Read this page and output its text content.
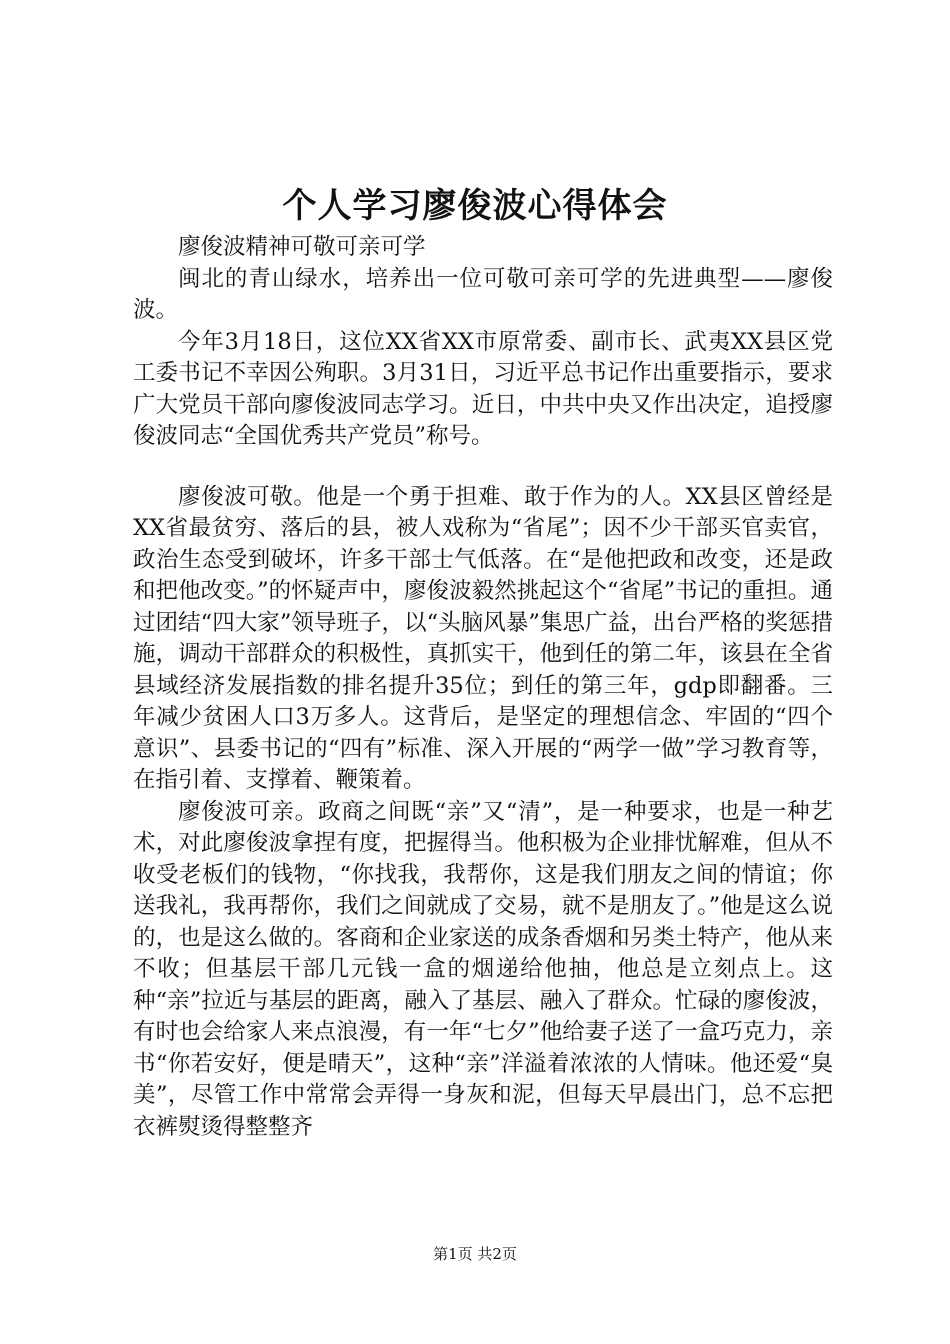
个人学习廖俊波心得体会

廖俊波精神可敬可亲可学

闽北的青山绿水，培养出一位可敬可亲可学的先进典型——廖俊波。

今年3月18日，这位XX省XX市原常委、副市长、武夷XX县区党工委书记不幸因公殉职。3月31日，习近平总书记作出重要指示，要求广大党员干部向廖俊波同志学习。近日，中共中央又作出决定，追授廖俊波同志“全国优秀共产党员”称号。

廖俊波可敬。他是一个勇于担难、敢于作为的人。XX县区曾经是XX省最贫穷、落后的县，被人戏称为“省尾”；因不少干部买官卖官，政治生态受到破坏，许多干部士气低落。在“是他把政和改变，还是政和把他改变。”的怀疑声中，廖俊波毅然挑起这个“省尾”书记的重担。通过团结“四大家”领导班子，以“头脑风暴”集思广益，出台严格的奖惩措施，调动干部群众的积极性，真抓实干，他到任的第二年，该县在全省县域经济发展指数的排名提升35位；到任的第三年，gdp即翻番。三年减少贫困人口3万多人。这背后，是坚定的理想信念、牢固的“四个意识”、县委书记的“四有”标准、深入开展的“两学一做”学习教育等，在指引着、支撑着、鞭策着。

廖俊波可亲。政商之间既“亲”又“清”，是一种要求，也是一种艺术，对此廖俊波拿捏有度，把握得当。他积极为企业排忧解难，但从不收受老板们的钱物，“你找我，我帮你，这是我们朋友之间的情谊；你送我礼，我再帮你，我们之间就成了交易，就不是朋友了。”他是这么说的，也是这么做的。客商和企业家送的成条香烟和另类土特产，他从来不收；但基层干部几元钱一盒的烟递给他抽，他总是立刻点上。这种“亲”拉近与基层的距离，融入了基层、融入了群众。忙碌的廖俊波，有时也会给家人来点浪漫，有一年“七夕”他给妻子送了一盒巧克力，亲书“你若安好，便是晴天”，这种“亲”洋溢着浓浓的人情味。他还爱“臭美”，尽管工作中常常会弄得一身灰和泥，但每天早晨出门，总不忘把衣裤熨烫得整整齐

第1页 共2页
